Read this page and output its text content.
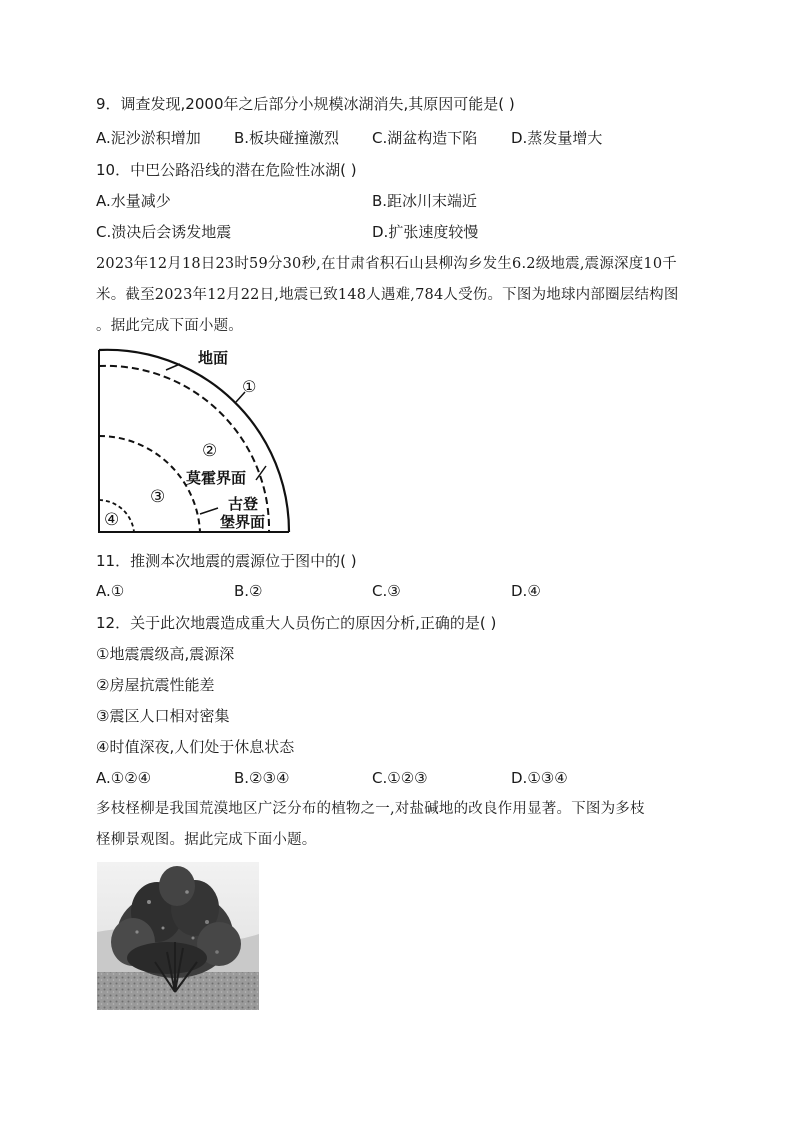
9．调查发现,2000年之后部分小规模冰湖消失,其原因可能是( )
A.泥沙淤积增加 B.板块碰撞激烈 C.湖盆构造下陷 D.蒸发量增大
10．中巴公路沿线的潜在危险性冰湖( )
A.水量减少	B.距冰川末端近
C.溃决后会诱发地震	D.扩张速度较慢
2023年12月18日23时59分30秒,在甘肃省积石山县柳沟乡发生6.2级地震,震源深度10千
米。截至2023年12月22日,地震已致148人遇难,784人受伤。下图为地球内部圈层结构图
。据此完成下面小题。
地面
①
②
莫霍界面
③	古登
堡界面
④
11．推测本次地震的震源位于图中的( )
A.①	B.②	C.③	D.④
12．关于此次地震造成重大人员伤亡的原因分析,正确的是( )
①地震震级高,震源深
②房屋抗震性能差
③震区人口相对密集
④时值深夜,人们处于休息状态
A.①②④	B.②③④	C.①②③	D.①③④
多枝柽柳是我国荒漠地区广泛分布的植物之一,对盐碱地的改良作用显著。下图为多枝
柽柳景观图。据此完成下面小题。
